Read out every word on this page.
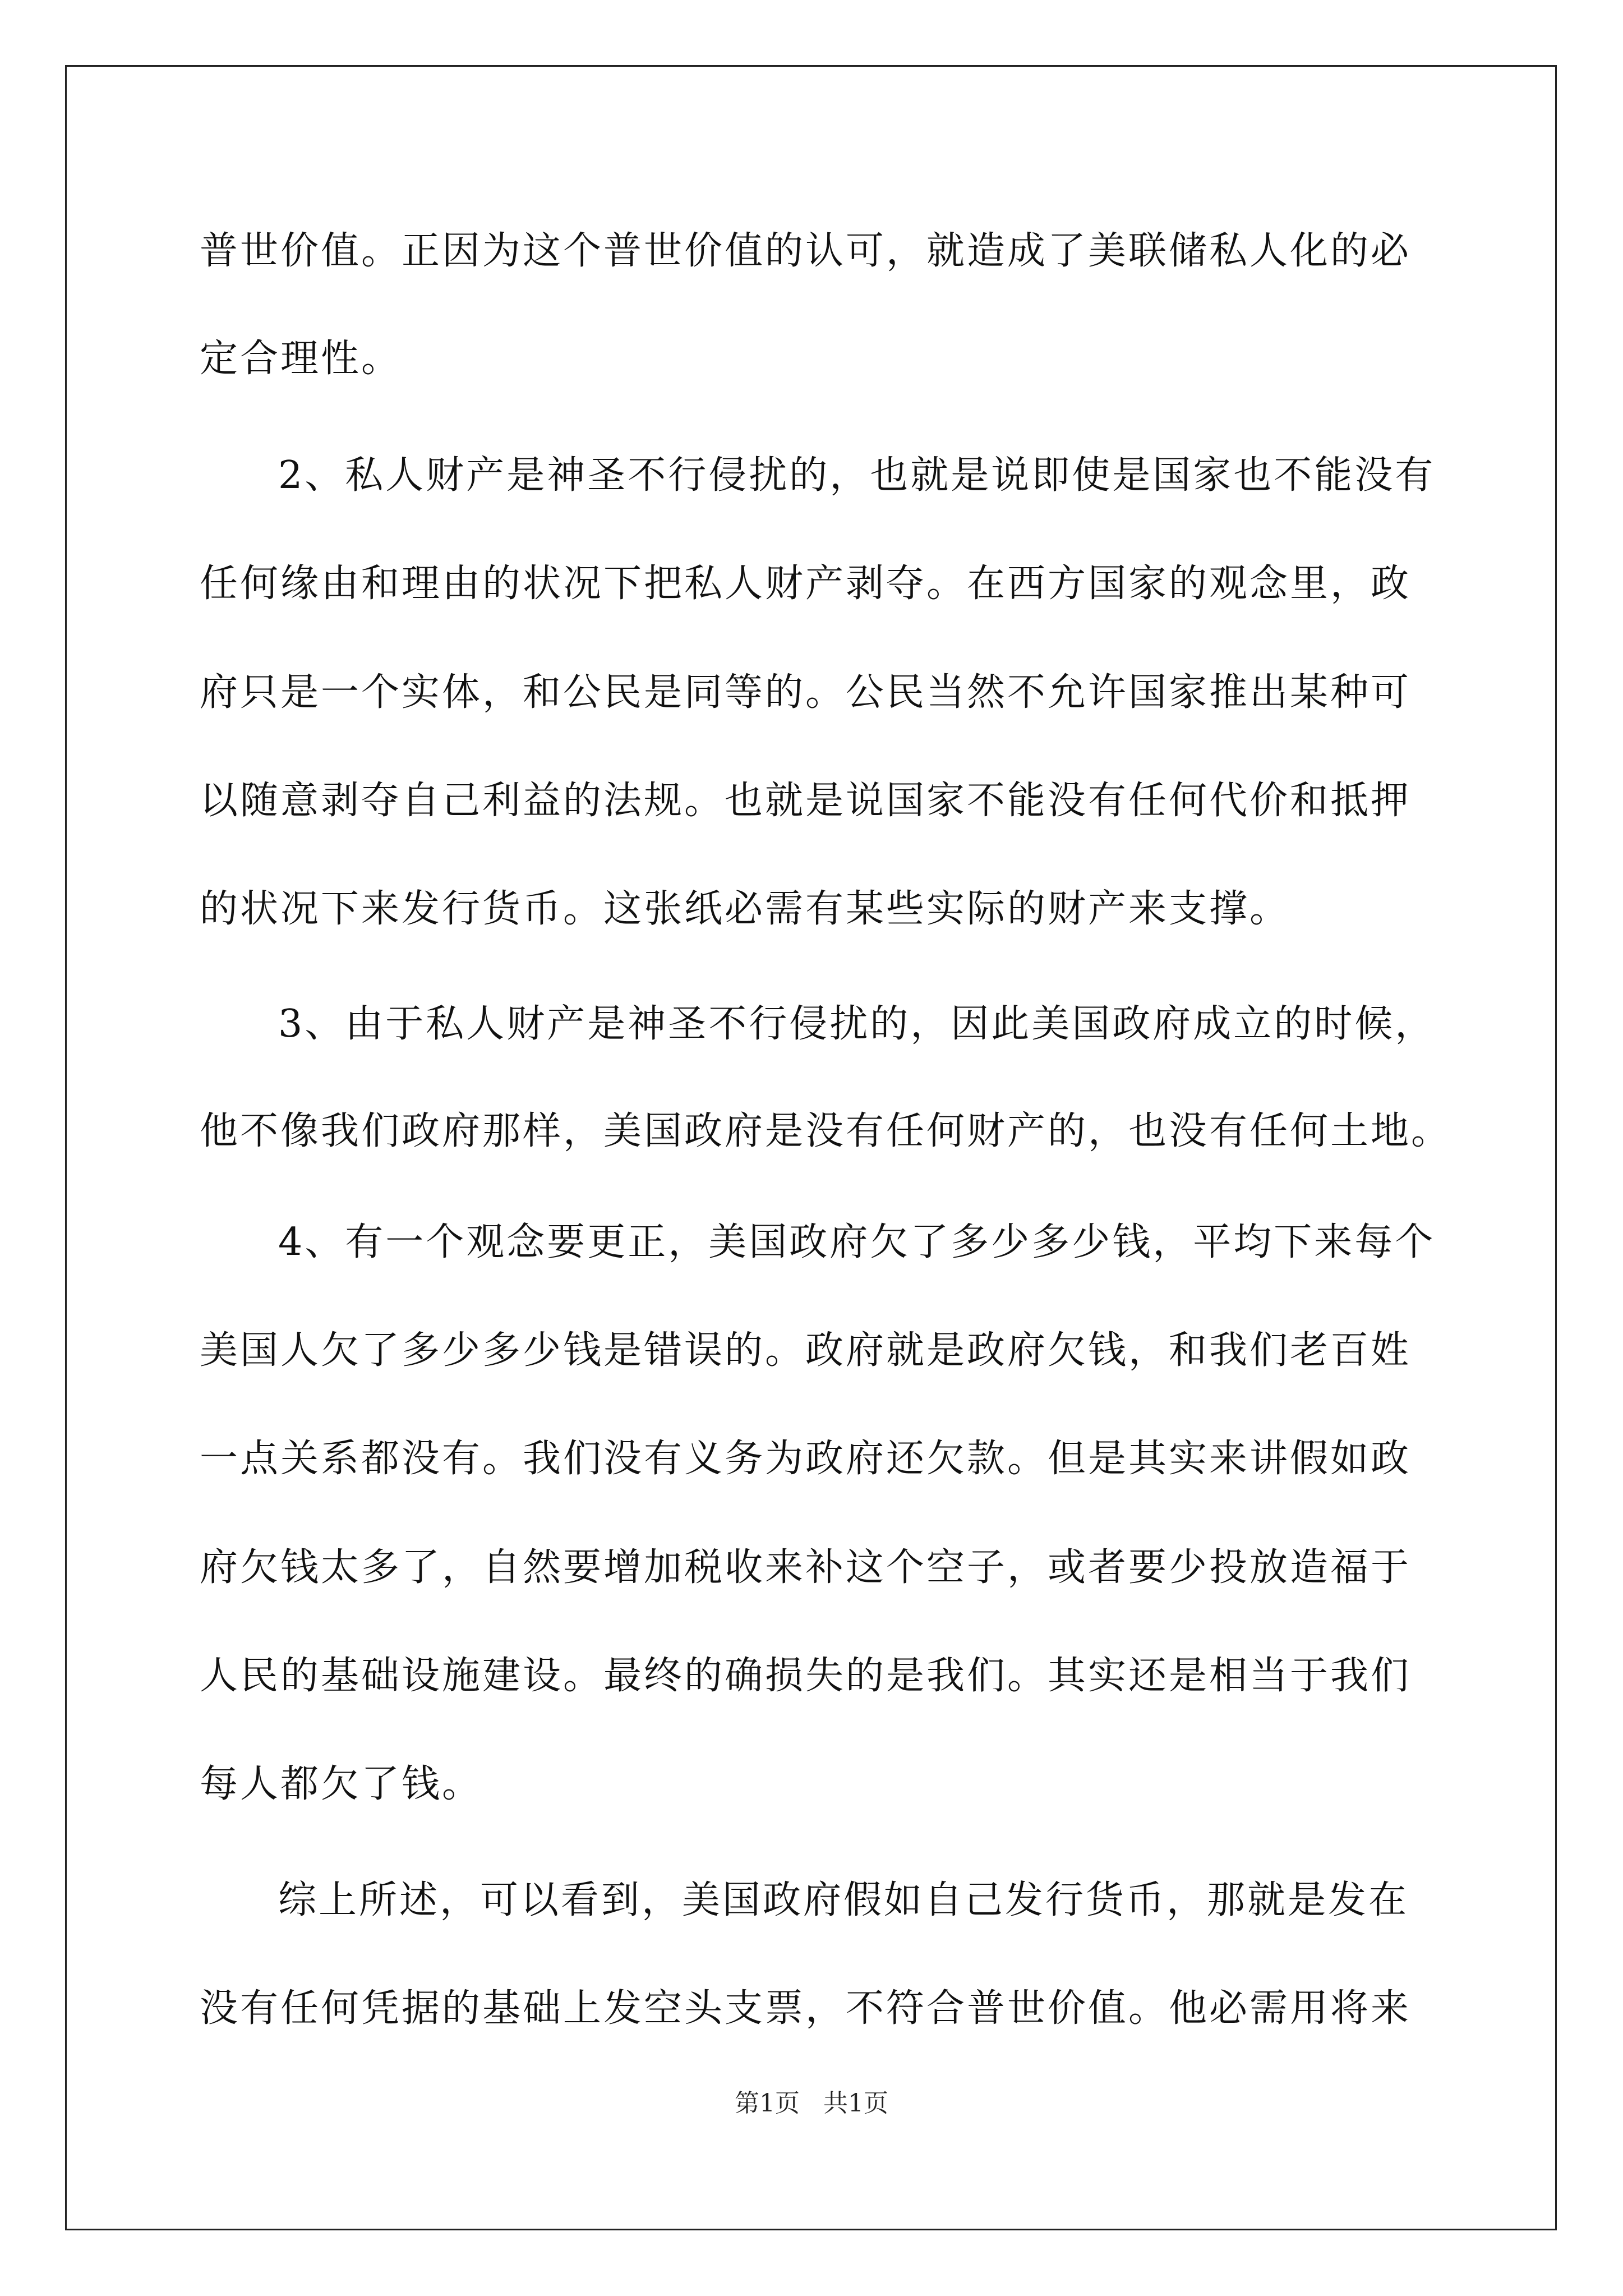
普世价值。正因为这个普世价值的认可，就造成了美联储私人化的必
定合理性。
2、私人财产是神圣不行侵扰的，也就是说即使是国家也不能没有
任何缘由和理由的状况下把私人财产剥夺。在西方国家的观念里，政
府只是一个实体，和公民是同等的。公民当然不允许国家推出某种可
以随意剥夺自己利益的法规。也就是说国家不能没有任何代价和抵押
的状况下来发行货币。这张纸必需有某些实际的财产来支撑。
3、由于私人财产是神圣不行侵扰的，因此美国政府成立的时候，
他不像我们政府那样，美国政府是没有任何财产的，也没有任何土地。
4、有一个观念要更正，美国政府欠了多少多少钱，平均下来每个
美国人欠了多少多少钱是错误的。政府就是政府欠钱，和我们老百姓
一点关系都没有。我们没有义务为政府还欠款。但是其实来讲假如政
府欠钱太多了，自然要增加税收来补这个空子，或者要少投放造福于
人民的基础设施建设。最终的确损失的是我们。其实还是相当于我们
每人都欠了钱。
综上所述，可以看到，美国政府假如自己发行货币，那就是发在
没有任何凭据的基础上发空头支票，不符合普世价值。他必需用将来
第1页 共1页
